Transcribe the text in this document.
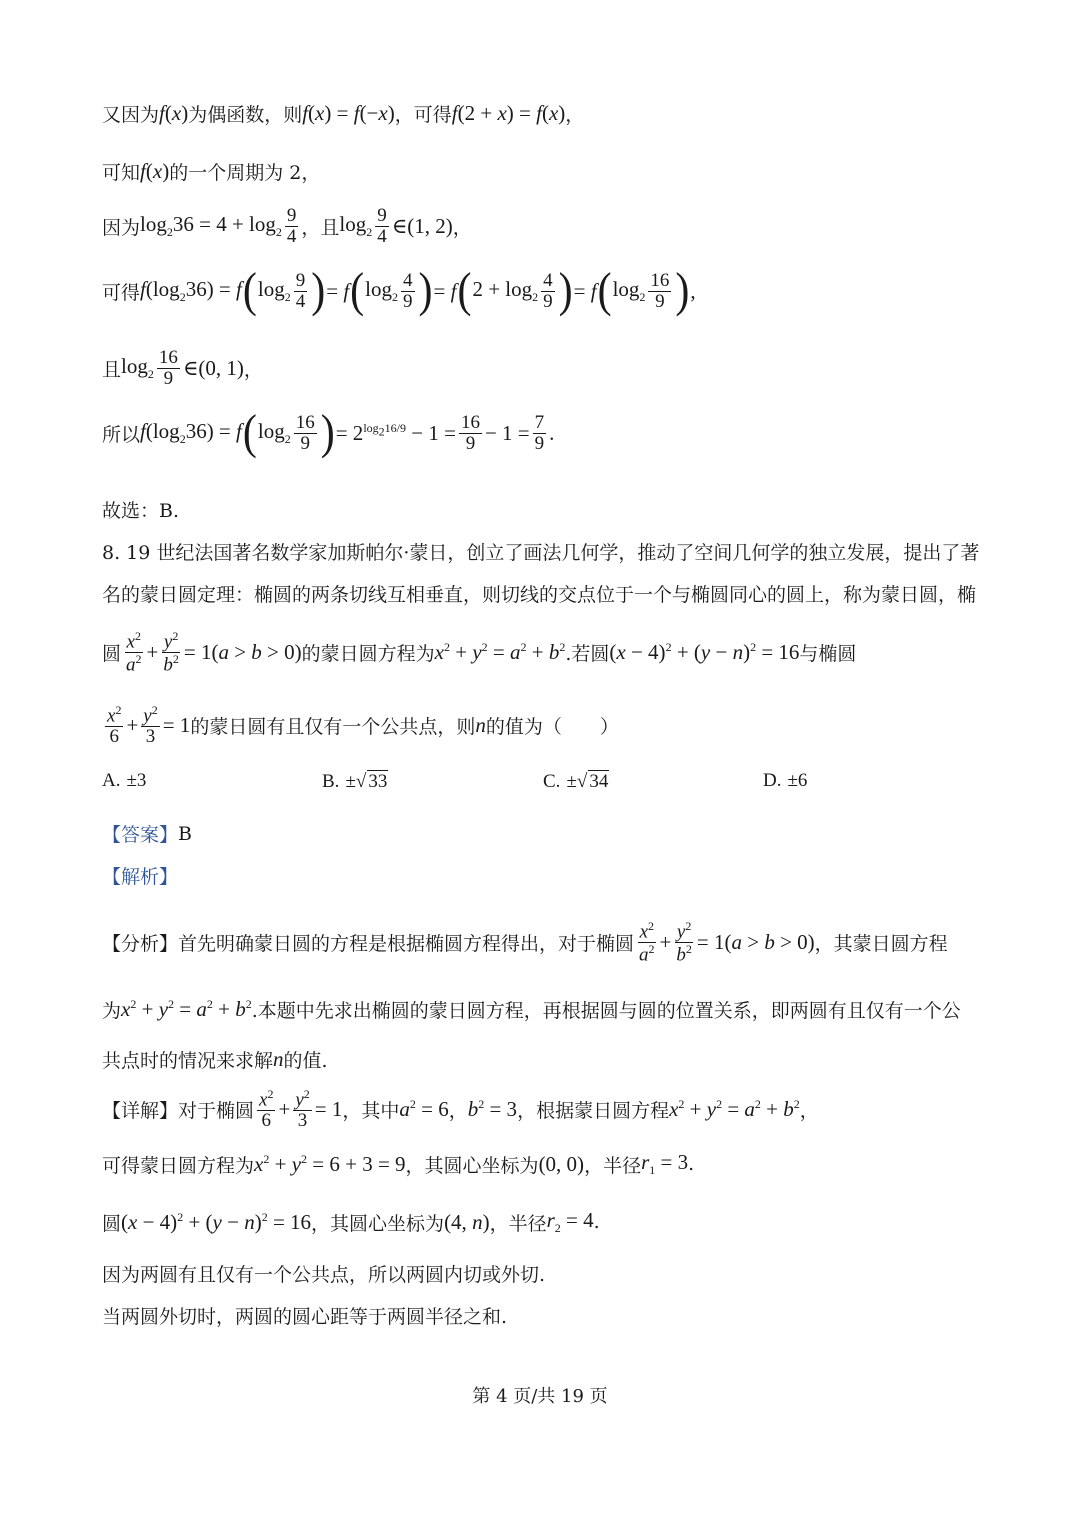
又因为 f(x) 为偶函数，则 f(x) = f(−x) ，可得 f(2 + x) = f(x) ，
可知 f(x) 的一个周期为 2，
因为 $\log_236 = 4 + \log_2 \frac{9}{4}$ ，且 $\log_2 \frac{9}{4}$ ∈(1, 2) ，
可得 $f(\log_236) = f$ ( $\log_2 \frac{9}{4}$ ) = f ( $\log_2 \frac{4}{9}$ ) = f ( $2 + \log_2 \frac{4}{9}$ ) = f ( $\log_2 \frac{16}{9}$ ) ,
且 $\log_2 \frac{16}{9}$ ∈(0, 1) ，
所以 $f(\log_236) = f$ ( $\log_2 \frac{16}{9}$ ) = $2^{log_216/9} - 1 = \frac{16}{9} - 1 = \frac{7}{9}$ .
故选：B.
8. 19 世纪法国著名数学家加斯帕尔·蒙日，创立了画法几何学，推动了空间几何学的独立发展，提出了著
名的蒙日圆定理：椭圆的两条切线互相垂直，则切线的交点位于一个与椭圆同心的圆上，称为蒙日圆，椭
圆 $\frac{x^2}{a^2} + \frac{y^2}{b^2} = 1(a > b > 0)$ 的蒙日圆方程为 $x^2 + y^2 = a^2 + b^2$ .若圆 $(x - 4)^2 + (y - n)^2 = 16$ 与椭圆
$\frac{x^2}{6} + \frac{y^2}{3} = 1$ 的蒙日圆有且仅有一个公共点，则 n 的值为（　　）
A. ±3	B. ± √ 33	C. ± √ 34	D. ±6
【答案】 B
【解析】
【分析】 首先明确蒙日圆的方程是根据椭圆方程得出，对于椭圆 $\frac{x^2}{a^2} + \frac{y^2}{b^2} = 1(a > b > 0)$ ，其蒙日圆方程
为 $x^2 + y^2 = a^2 + b^2$ .本题中先求出椭圆的蒙日圆方程，再根据圆与圆的位置关系，即两圆有且仅有一个公
共点时的情况来求解 n 的值.
【详解】 对于椭圆 $\frac{x^2}{6} + \frac{y^2}{3} = 1$ ，其中 $a^2 = 6$ ， $b^2 = 3$ ，根据蒙日圆方程 $x^2 + y^2 = a^2 + b^2$ ，
可得蒙日圆方程为 $x^2 + y^2 = 6 + 3 = 9$ ，其圆心坐标为 (0, 0) ，半径 $r_1 = 3$ .
圆 $(x - 4)^2 + (y - n)^2 = 16$ ，其圆心坐标为 (4, n) ，半径 $r_2 = 4$ .
因为两圆有且仅有一个公共点，所以两圆内切或外切.
当两圆外切时，两圆的圆心距等于两圆半径之和.
第 4 页/共 19 页
